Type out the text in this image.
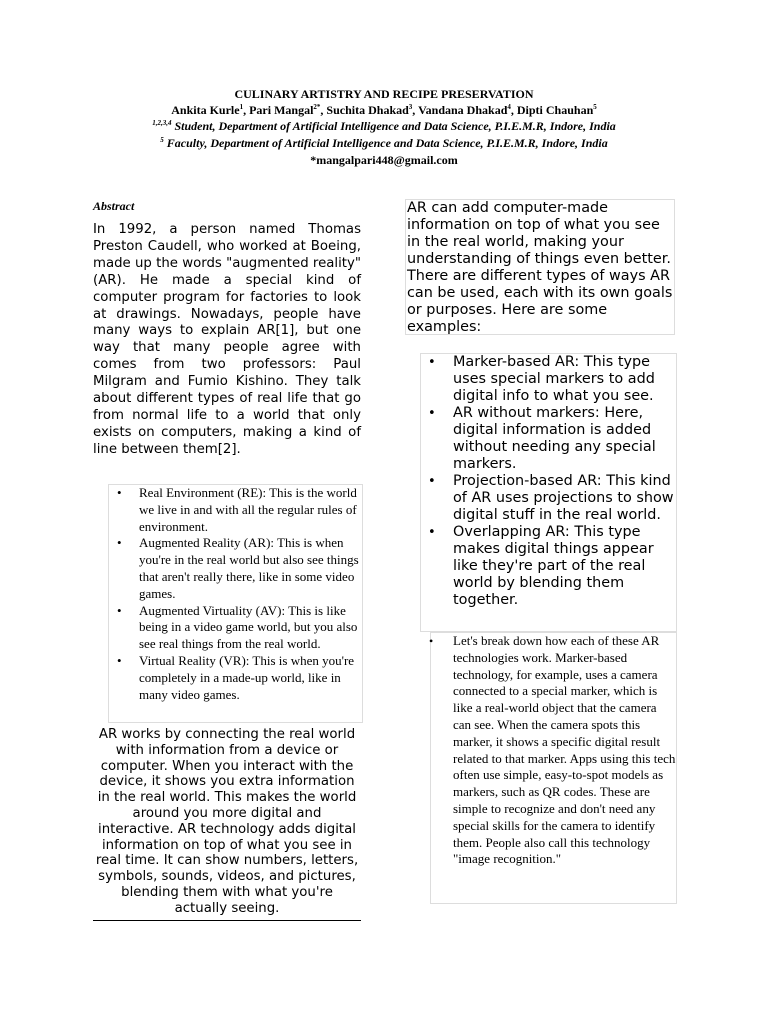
CULINARY ARTISTRY AND RECIPE PRESERVATION
Ankita Kurle$^1$, Pari Mangal$^{2*}$, Suchita Dhakad$^3$, Vandana Dhakad$^4$, Dipti Chauhan$^5$
$^{1,2,3,4}$ Student, Department of Artificial Intelligence and Data Science, P.I.E.M.R, Indore, India
$^5$ Faculty, Department of Artificial Intelligence and Data Science, P.I.E.M.R, Indore, India
*mangalpari448@gmail.com
Abstract
In 1992, a person named Thomas Preston Caudell, who worked at Boeing, made up the words "augmented reality" (AR). He made a special kind of computer program for factories to look at drawings. Nowadays, people have many ways to explain AR[1], but one way that many people agree with comes from two professors: Paul Milgram and Fumio Kishino. They talk about different types of real life that go from normal life to a world that only exists on computers, making a kind of line between them[2].
• Real Environment (RE): This is the world we live in and with all the regular rules of environment.
• Augmented Reality (AR): This is when you're in the real world but also see things that aren't really there, like in some video games.
• Augmented Virtuality (AV): This is like being in a video game world, but you also see real things from the real world.
• Virtual Reality (VR): This is when you're completely in a made-up world, like in many video games.
AR works by connecting the real world with information from a device or computer. When you interact with the device, it shows you extra information in the real world. This makes the world around you more digital and interactive. AR technology adds digital information on top of what you see in real time. It can show numbers, letters, symbols, sounds, videos, and pictures, blending them with what you're actually seeing.
AR can add computer-made information on top of what you see in the real world, making your understanding of things even better. There are different types of ways AR can be used, each with its own goals or purposes. Here are some examples:
• Marker-based AR: This type uses special markers to add digital info to what you see.
• AR without markers: Here, digital information is added without needing any special markers.
• Projection-based AR: This kind of AR uses projections to show digital stuff in the real world.
• Overlapping AR: This type makes digital things appear like they're part of the real world by blending them together.
• Let's break down how each of these AR technologies work. Marker-based technology, for example, uses a camera connected to a special marker, which is like a real-world object that the camera can see. When the camera spots this marker, it shows a specific digital result related to that marker. Apps using this tech often use simple, easy-to-spot models as markers, such as QR codes. These are simple to recognize and don't need any special skills for the camera to identify them. People also call this technology "image recognition."
